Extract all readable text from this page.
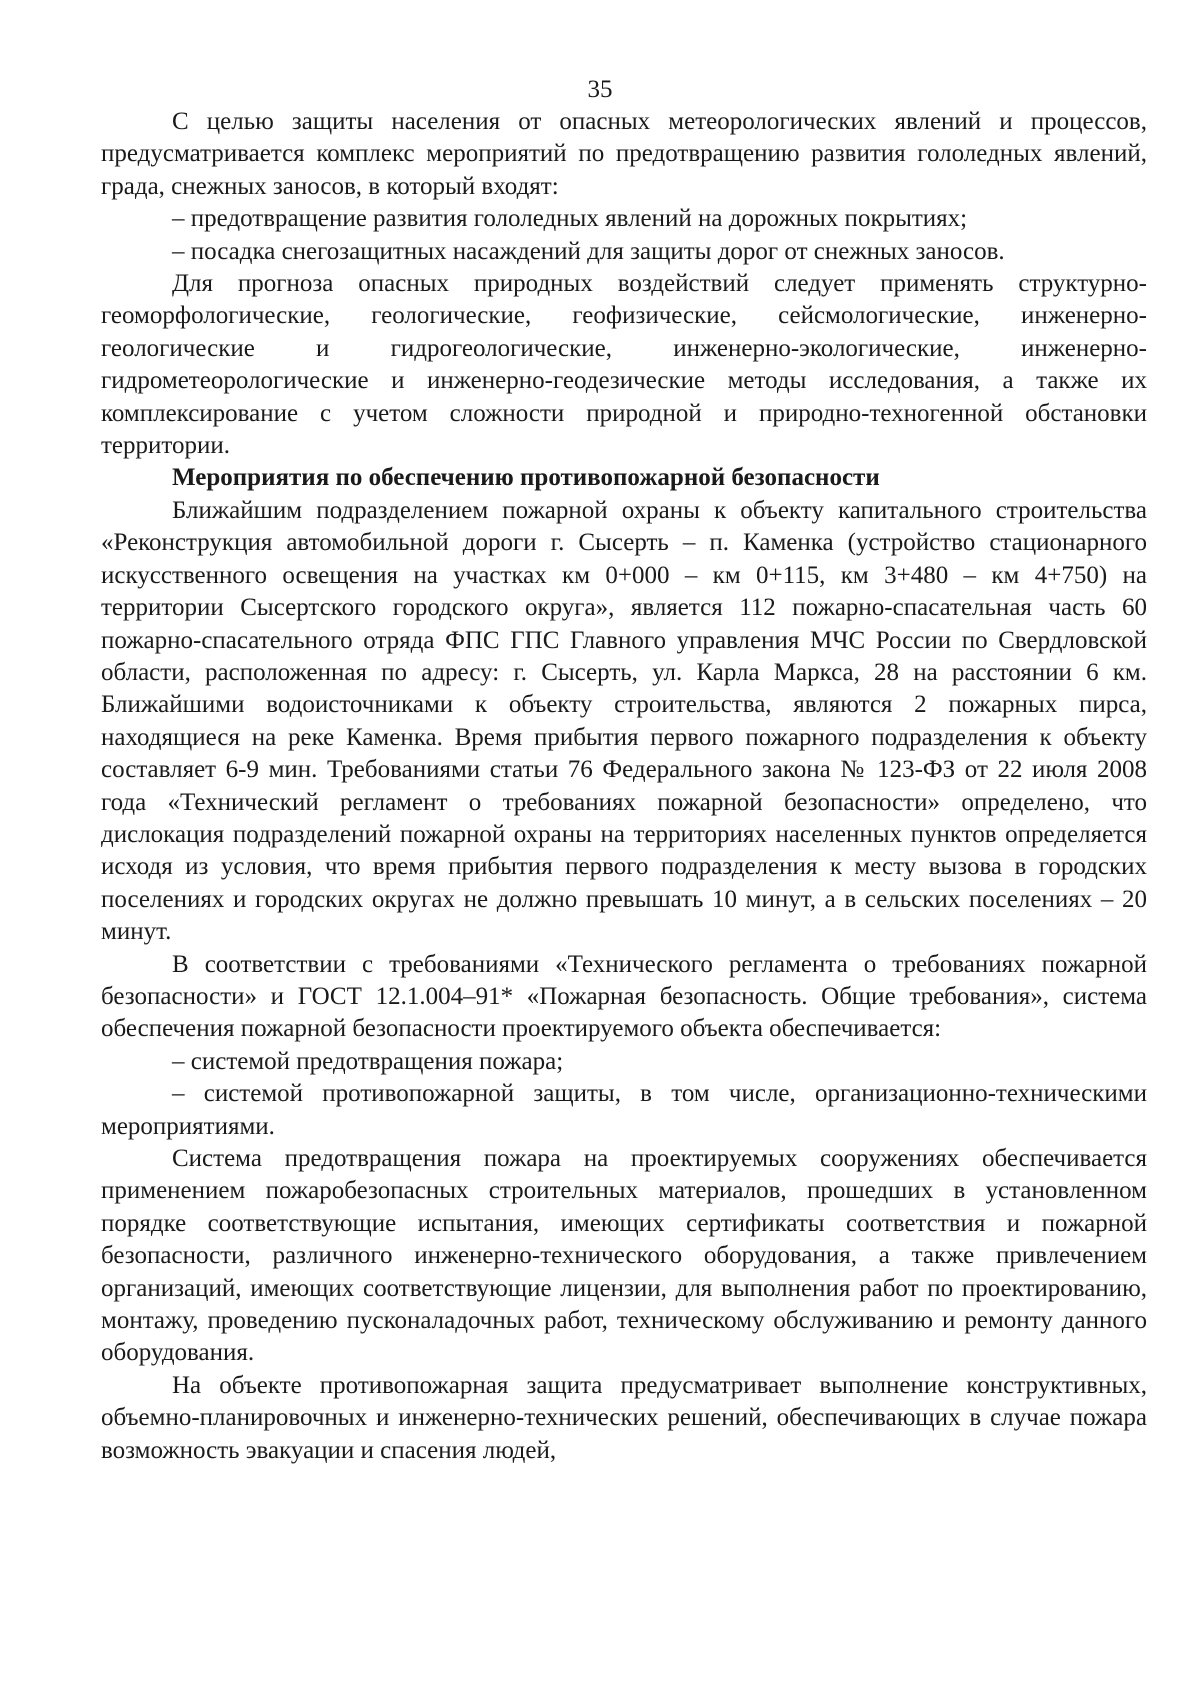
35

С целью защиты населения от опасных метеорологических явлений и процессов, предусматривается комплекс мероприятий по предотвращению развития гололедных явлений, града, снежных заносов, в который входят:

– предотвращение развития гололедных явлений на дорожных покрытиях;

– посадка снегозащитных насаждений для защиты дорог от снежных заносов.

Для прогноза опасных природных воздействий следует применять структурно-геоморфологические, геологические, геофизические, сейсмологические, инженерно-геологические и гидрогеологические, инженерно-экологические, инженерно-гидрометеорологические и инженерно-геодезические методы исследования, а также их комплексирование с учетом сложности природной и природно-техногенной обстановки территории.

Мероприятия по обеспечению противопожарной безопасности

Ближайшим подразделением пожарной охраны к объекту капитального строительства «Реконструкция автомобильной дороги г. Сысерть – п. Каменка (устройство стационарного искусственного освещения на участках км 0+000 – км 0+115, км 3+480 – км 4+750) на территории Сысертского городского округа», является 112 пожарно-спасательная часть 60 пожарно-спасательного отряда ФПС ГПС Главного управления МЧС России по Свердловской области, расположенная по адресу: г. Сысерть, ул. Карла Маркса, 28 на расстоянии 6 км. Ближайшими водоисточниками к объекту строительства, являются 2 пожарных пирса, находящиеся на реке Каменка. Время прибытия первого пожарного подразделения к объекту составляет 6-9 мин. Требованиями статьи 76 Федерального закона № 123-ФЗ от 22 июля 2008 года «Технический регламент о требованиях пожарной безопасности» определено, что дислокация подразделений пожарной охраны на территориях населенных пунктов определяется исходя из условия, что время прибытия первого подразделения к месту вызова в городских поселениях и городских округах не должно превышать 10 минут, а в сельских поселениях – 20 минут.

В соответствии с требованиями «Технического регламента о требованиях пожарной безопасности» и ГОСТ 12.1.004–91* «Пожарная безопасность. Общие требования», система обеспечения пожарной безопасности проектируемого объекта обеспечивается:

– системой предотвращения пожара;

– системой противопожарной защиты, в том числе, организационно-техническими мероприятиями.

Система предотвращения пожара на проектируемых сооружениях обеспечивается применением пожаробезопасных строительных материалов, прошедших в установленном порядке соответствующие испытания, имеющих сертификаты соответствия и пожарной безопасности, различного инженерно-технического оборудования, а также привлечением организаций, имеющих соответствующие лицензии, для выполнения работ по проектированию, монтажу, проведению пусконаладочных работ, техническому обслуживанию и ремонту данного оборудования.

На объекте противопожарная защита предусматривает выполнение конструктивных, объемно-планировочных и инженерно-технических решений, обеспечивающих в случае пожара возможность эвакуации и спасения людей,
